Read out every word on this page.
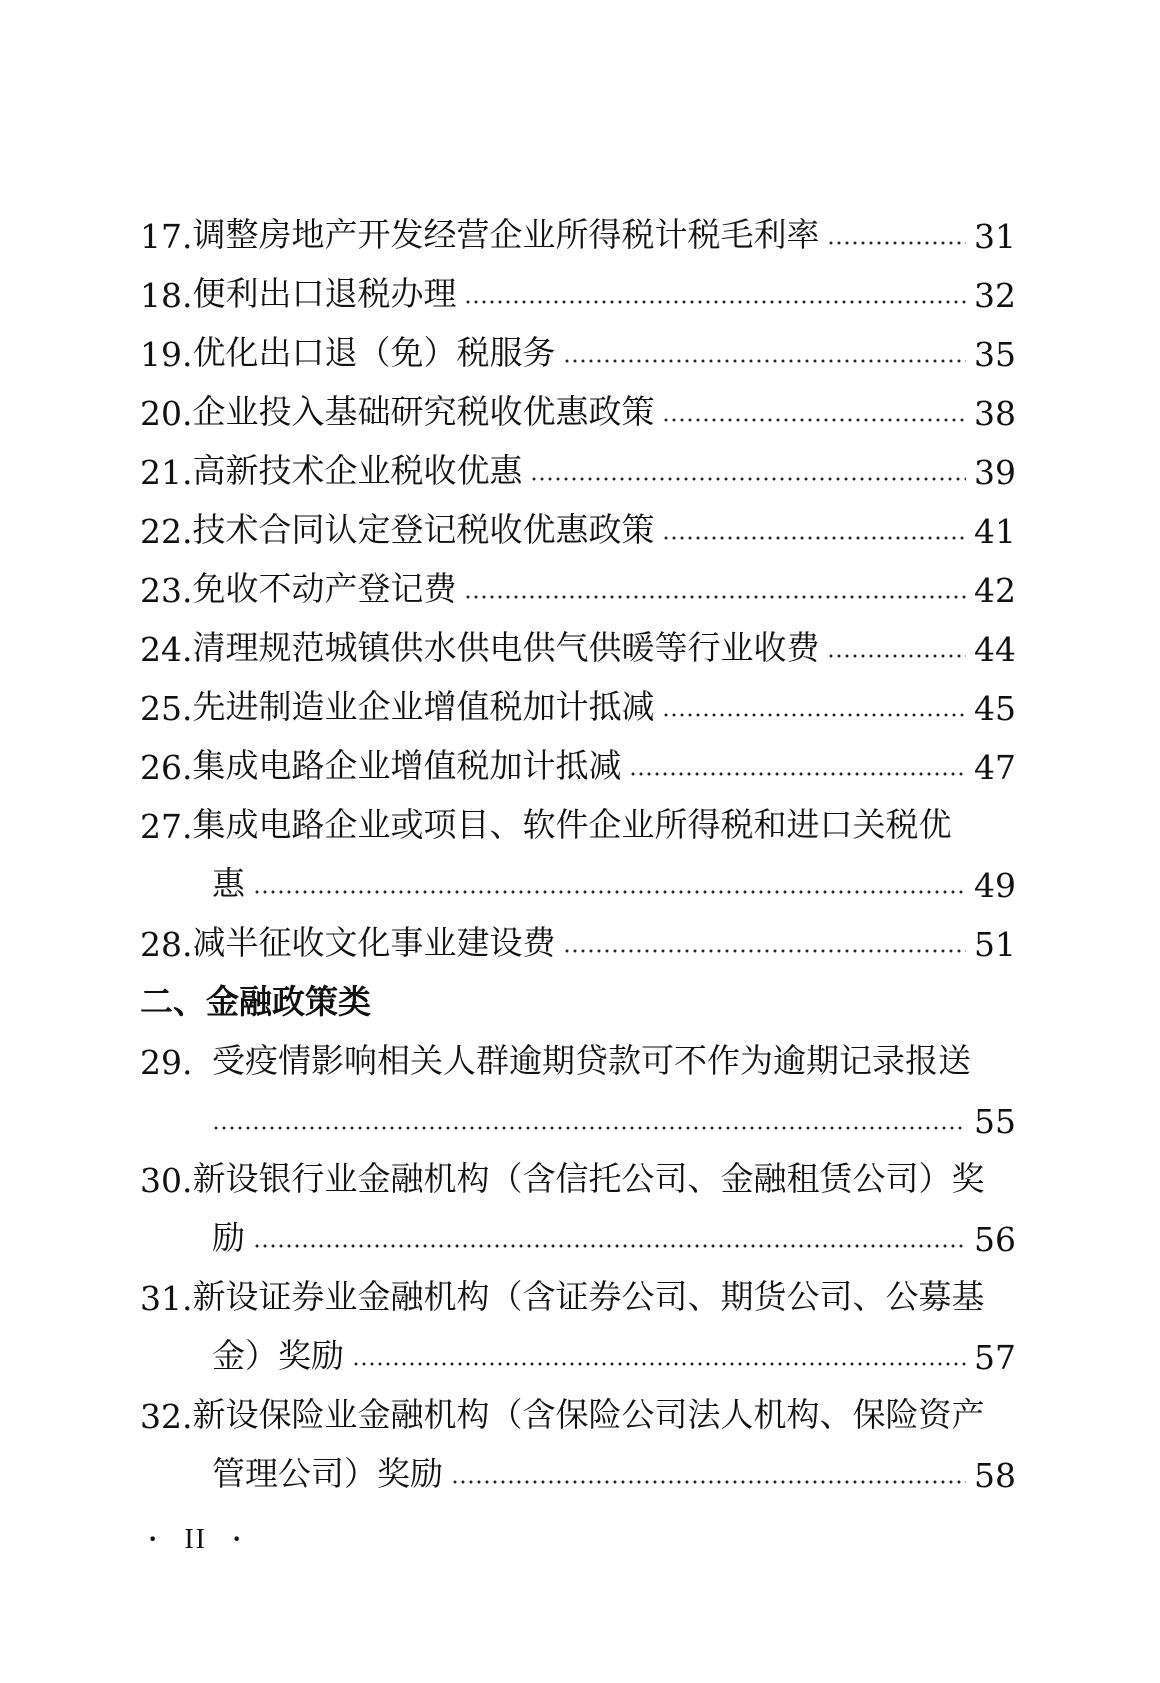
17. 调整房地产开发经营企业所得税计税毛利率	31
18. 便利出口退税办理	32
19. 优化出口退（免）税服务	35
20. 企业投入基础研究税收优惠政策	38
21. 高新技术企业税收优惠	39
22. 技术合同认定登记税收优惠政策	41
23. 免收不动产登记费	42
24. 清理规范城镇供水供电供气供暖等行业收费	44
25. 先进制造业企业增值税加计抵减	45
26. 集成电路企业增值税加计抵减	47
27. 集成电路企业或项目、软件企业所得税和进口关税优
惠	49
28. 减半征收文化事业建设费	51
二、金融政策类
29. 受疫情影响相关人群逾期贷款可不作为逾期记录报送
55
30. 新设银行业金融机构（含信托公司、金融租赁公司）奖
励	56
31. 新设证券业金融机构（含证券公司、期货公司、公募基
金）奖励	57
32. 新设保险业金融机构（含保险公司法人机构、保险资产
管理公司）奖励	58
· II ·
